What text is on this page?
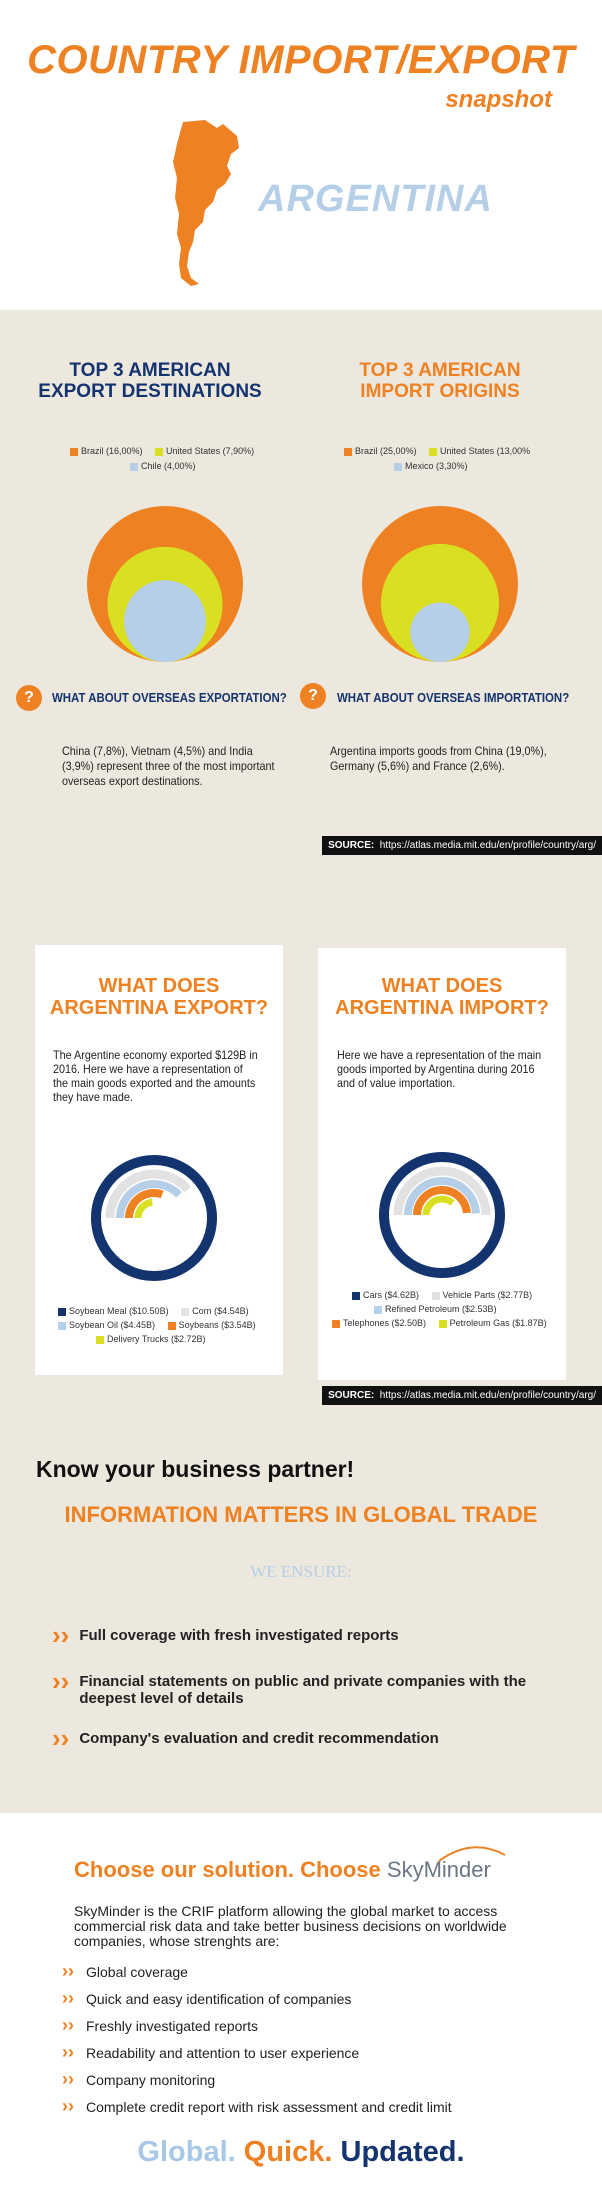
COUNTRY IMPORT/EXPORT
snapshot
ARGENTINA
TOP 3 AMERICAN
EXPORT DESTINATIONS
Brazil (16,00%)	United States (7,90%)
Chile (4,00%)
TOP 3 AMERICAN
IMPORT ORIGINS
Brazil (25,00%)	United States (13,00%
Mexico (3,30%)
?	WHAT ABOUT OVERSEAS EXPORTATION?	?	WHAT ABOUT OVERSEAS IMPORTATION?
China (7,8%), Vietnam (4,5%) and India (3,9%) represent three of the most important overseas export destinations.
Argentina imports goods from China (19,0%), Germany (5,6%) and France (2,6%).
SOURCE: https://atlas.media.mit.edu/en/profile/country/arg/
WHAT DOES
ARGENTINA EXPORT?
The Argentine economy exported $129B in 2016. Here we have a representation of the main goods exported and the amounts they have made.
Soybean Meal ($10.50B)	Corn ($4.54B)
Soybean Oil ($4.45B)	Soybeans ($3.54B)
Delivery Trucks ($2.72B)
WHAT DOES
ARGENTINA IMPORT?
Here we have a representation of the main goods imported by Argentina during 2016 and of value importation.
Cars ($4.62B)	Vehicle Parts ($2.77B)
Refined Petroleum ($2.53B)
Telephones ($2.50B)	Petroleum Gas ($1.87B)
SOURCE: https://atlas.media.mit.edu/en/profile/country/arg/
Know your business partner!
INFORMATION MATTERS IN GLOBAL TRADE
WE ENSURE:
›› Full coverage with fresh investigated reports
›› Financial statements on public and private companies with the deepest level of details
›› Company's evaluation and credit recommendation
Choose our solution. Choose SkyMinder
SkyMinder is the CRIF platform allowing the global market to access commercial risk data and take better business decisions on worldwide companies, whose strenghts are:
›› Global coverage
›› Quick and easy identification of companies
›› Freshly investigated reports
›› Readability and attention to user experience
›› Company monitoring
›› Complete credit report with risk assessment and credit limit
Global. Quick. Updated.
